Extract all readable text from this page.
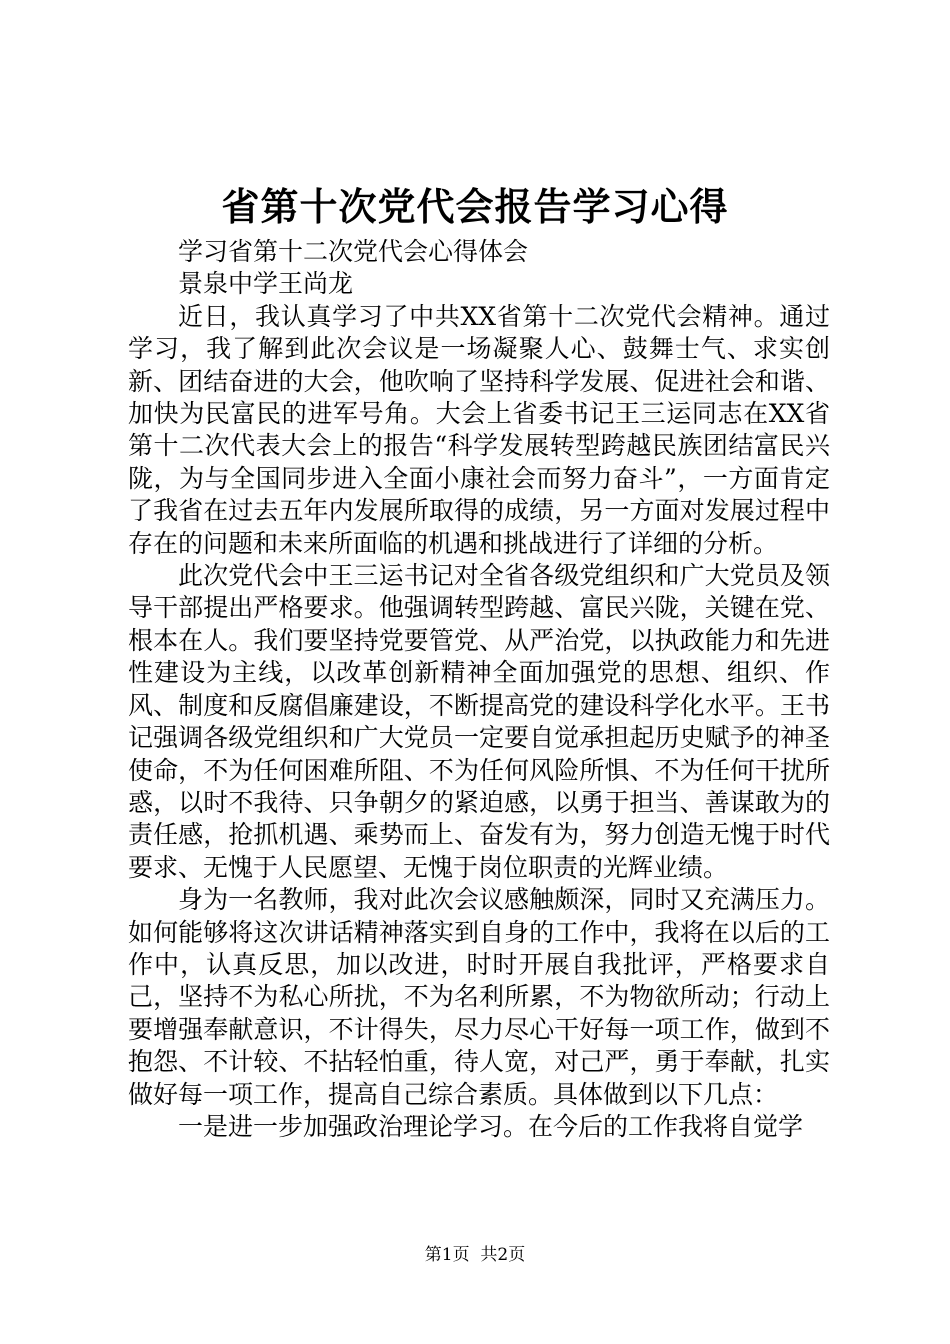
省第十次党代会报告学习心得

学习省第十二次党代会心得体会

景泉中学王尚龙

近日，我认真学习了中共XX省第十二次党代会精神。通过学习，我了解到此次会议是一场凝聚人心、鼓舞士气、求实创新、团结奋进的大会，他吹响了坚持科学发展、促进社会和谐、加快为民富民的进军号角。大会上省委书记王三运同志在XX省第十二次代表大会上的报告“科学发展转型跨越民族团结富民兴陇，为与全国同步进入全面小康社会而努力奋斗”，一方面肯定了我省在过去五年内发展所取得的成绩，另一方面对发展过程中存在的问题和未来所面临的机遇和挑战进行了详细的分析。

此次党代会中王三运书记对全省各级党组织和广大党员及领导干部提出严格要求。他强调转型跨越、富民兴陇，关键在党、根本在人。我们要坚持党要管党、从严治党，以执政能力和先进性建设为主线，以改革创新精神全面加强党的思想、组织、作风、制度和反腐倡廉建设，不断提高党的建设科学化水平。王书记强调各级党组织和广大党员一定要自觉承担起历史赋予的神圣使命，不为任何困难所阻、不为任何风险所惧、不为任何干扰所惑，以时不我待、只争朝夕的紧迫感，以勇于担当、善谋敢为的责任感，抢抓机遇、乘势而上、奋发有为，努力创造无愧于时代要求、无愧于人民愿望、无愧于岗位职责的光辉业绩。

身为一名教师，我对此次会议感触颇深，同时又充满压力。如何能够将这次讲话精神落实到自身的工作中，我将在以后的工作中，认真反思，加以改进，时时开展自我批评，严格要求自己，坚持不为私心所扰，不为名利所累，不为物欲所动；行动上要增强奉献意识，不计得失，尽力尽心干好每一项工作，做到不抱怨、不计较、不拈轻怕重，待人宽，对己严，勇于奉献，扎实做好每一项工作，提高自己综合素质。具体做到以下几点：

一是进一步加强政治理论学习。在今后的工作我将自觉学

第1页 共2页
